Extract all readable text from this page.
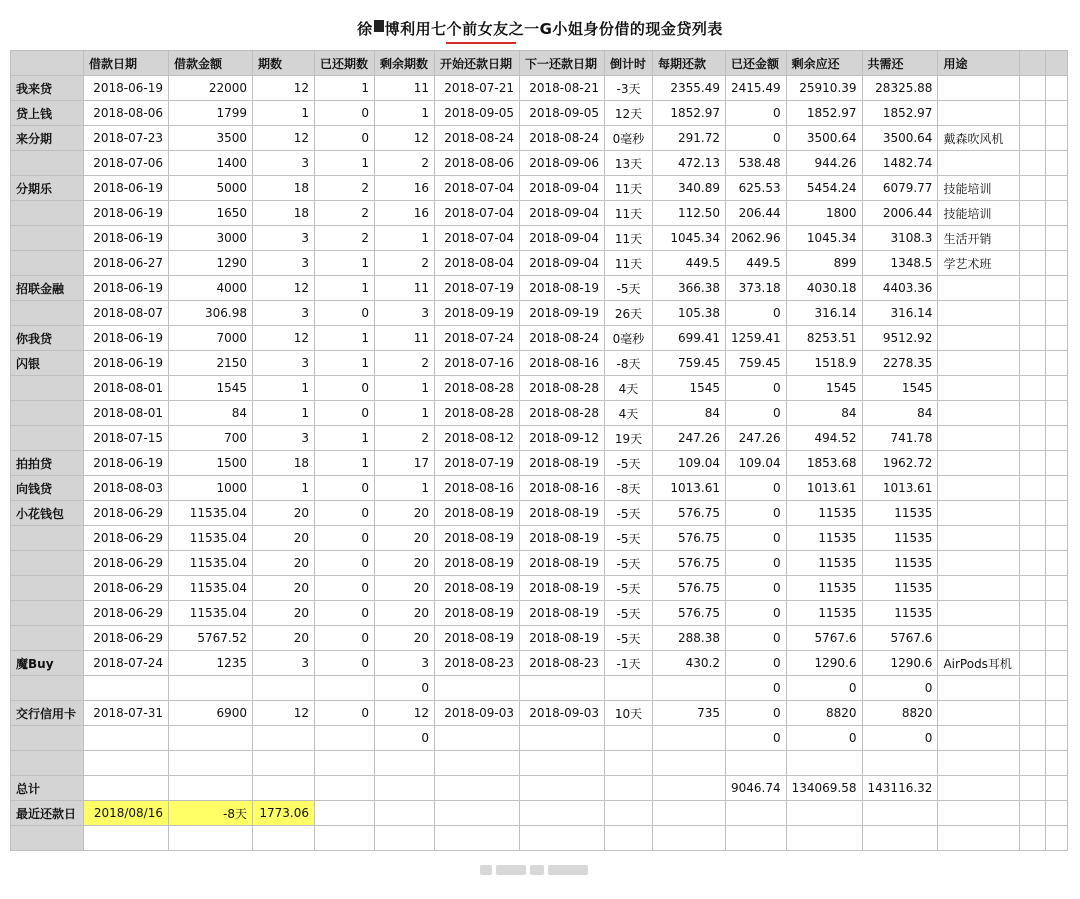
徐 博利用七个前女友之一G小姐身份借的现金贷列表
	借款日期	借款金额	期数	已还期数	剩余期数	开始还款日期	下一还款日期	倒计时	每期还款	已还金额	剩余应还	共需还	用途		
我来贷	2018-06-19	22000	12	1	11	2018-07-21	2018-08-21	-3天	2355.49	2415.49	25910.39	28325.88			
贷上钱	2018-08-06	1799	1	0	1	2018-09-05	2018-09-05	12天	1852.97	0	1852.97	1852.97			
来分期	2018-07-23	3500	12	0	12	2018-08-24	2018-08-24	0毫秒	291.72	0	3500.64	3500.64	戴森吹风机		
	2018-07-06	1400	3	1	2	2018-08-06	2018-09-06	13天	472.13	538.48	944.26	1482.74			
分期乐	2018-06-19	5000	18	2	16	2018-07-04	2018-09-04	11天	340.89	625.53	5454.24	6079.77	技能培训		
	2018-06-19	1650	18	2	16	2018-07-04	2018-09-04	11天	112.50	206.44	1800	2006.44	技能培训		
	2018-06-19	3000	3	2	1	2018-07-04	2018-09-04	11天	1045.34	2062.96	1045.34	3108.3	生活开销		
	2018-06-27	1290	3	1	2	2018-08-04	2018-09-04	11天	449.5	449.5	899	1348.5	学艺术班		
招联金融	2018-06-19	4000	12	1	11	2018-07-19	2018-08-19	-5天	366.38	373.18	4030.18	4403.36			
	2018-08-07	306.98	3	0	3	2018-09-19	2018-09-19	26天	105.38	0	316.14	316.14			
你我贷	2018-06-19	7000	12	1	11	2018-07-24	2018-08-24	0毫秒	699.41	1259.41	8253.51	9512.92			
闪银	2018-06-19	2150	3	1	2	2018-07-16	2018-08-16	-8天	759.45	759.45	1518.9	2278.35			
	2018-08-01	1545	1	0	1	2018-08-28	2018-08-28	4天	1545	0	1545	1545			
	2018-08-01	84	1	0	1	2018-08-28	2018-08-28	4天	84	0	84	84			
	2018-07-15	700	3	1	2	2018-08-12	2018-09-12	19天	247.26	247.26	494.52	741.78			
拍拍贷	2018-06-19	1500	18	1	17	2018-07-19	2018-08-19	-5天	109.04	109.04	1853.68	1962.72			
向钱贷	2018-08-03	1000	1	0	1	2018-08-16	2018-08-16	-8天	1013.61	0	1013.61	1013.61			
小花钱包	2018-06-29	11535.04	20	0	20	2018-08-19	2018-08-19	-5天	576.75	0	11535	11535			
	2018-06-29	11535.04	20	0	20	2018-08-19	2018-08-19	-5天	576.75	0	11535	11535			
	2018-06-29	11535.04	20	0	20	2018-08-19	2018-08-19	-5天	576.75	0	11535	11535			
	2018-06-29	11535.04	20	0	20	2018-08-19	2018-08-19	-5天	576.75	0	11535	11535			
	2018-06-29	11535.04	20	0	20	2018-08-19	2018-08-19	-5天	576.75	0	11535	11535			
	2018-06-29	5767.52	20	0	20	2018-08-19	2018-08-19	-5天	288.38	0	5767.6	5767.6			
魔Buy	2018-07-24	1235	3	0	3	2018-08-23	2018-08-23	-1天	430.2	0	1290.6	1290.6	AirPods耳机		
					0					0	0	0			
交行信用卡	2018-07-31	6900	12	0	12	2018-09-03	2018-09-03	10天	735	0	8820	8820			
					0					0	0	0			

总计										9046.74	134069.58	143116.32			
最近还款日	2018/08/16	-8天	1773.06												
